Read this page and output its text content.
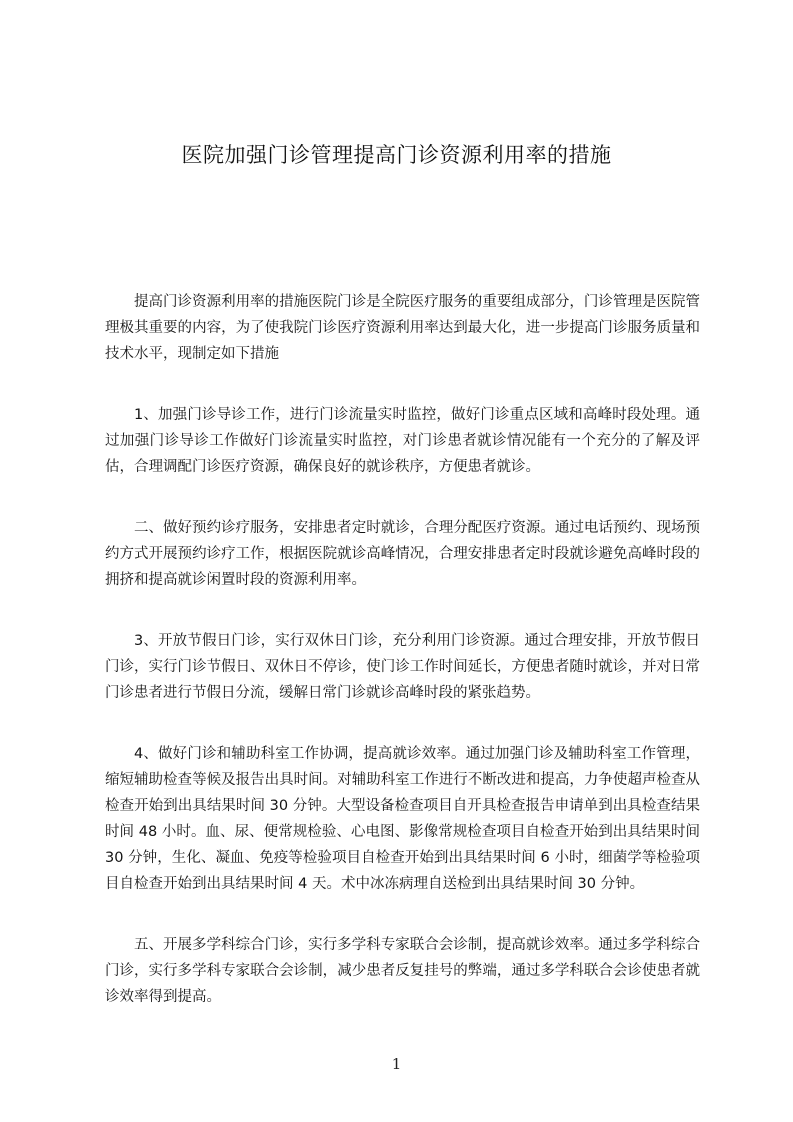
医院加强门诊管理提高门诊资源利用率的措施

提高门诊资源利用率的措施医院门诊是全院医疗服务的重要组成部分，门诊管理是医院管理极其重要的内容，为了使我院门诊医疗资源利用率达到最大化，进一步提高门诊服务质量和技术水平，现制定如下措施

1、加强门诊导诊工作，进行门诊流量实时监控，做好门诊重点区域和高峰时段处理。通过加强门诊导诊工作做好门诊流量实时监控，对门诊患者就诊情况能有一个充分的了解及评估，合理调配门诊医疗资源，确保良好的就诊秩序，方便患者就诊。

二、做好预约诊疗服务，安排患者定时就诊，合理分配医疗资源。通过电话预约、现场预约方式开展预约诊疗工作，根据医院就诊高峰情况，合理安排患者定时段就诊避免高峰时段的拥挤和提高就诊闲置时段的资源利用率。

3、开放节假日门诊，实行双休日门诊，充分利用门诊资源。通过合理安排，开放节假日门诊，实行门诊节假日、双休日不停诊，使门诊工作时间延长，方便患者随时就诊，并对日常门诊患者进行节假日分流，缓解日常门诊就诊高峰时段的紧张趋势。

4、做好门诊和辅助科室工作协调，提高就诊效率。通过加强门诊及辅助科室工作管理，缩短辅助检查等候及报告出具时间。对辅助科室工作进行不断改进和提高，力争使超声检查从检查开始到出具结果时间 30 分钟。大型设备检查项目自开具检查报告申请单到出具检查结果时间 48 小时。血、尿、便常规检验、心电图、影像常规检查项目自检查开始到出具结果时间 30 分钟，生化、凝血、免疫等检验项目自检查开始到出具结果时间 6 小时，细菌学等检验项目自检查开始到出具结果时间 4 天。术中冰冻病理自送检到出具结果时间 30 分钟。

五、开展多学科综合门诊，实行多学科专家联合会诊制，提高就诊效率。通过多学科综合门诊，实行多学科专家联合会诊制，减少患者反复挂号的弊端，通过多学科联合会诊使患者就诊效率得到提高。

1
